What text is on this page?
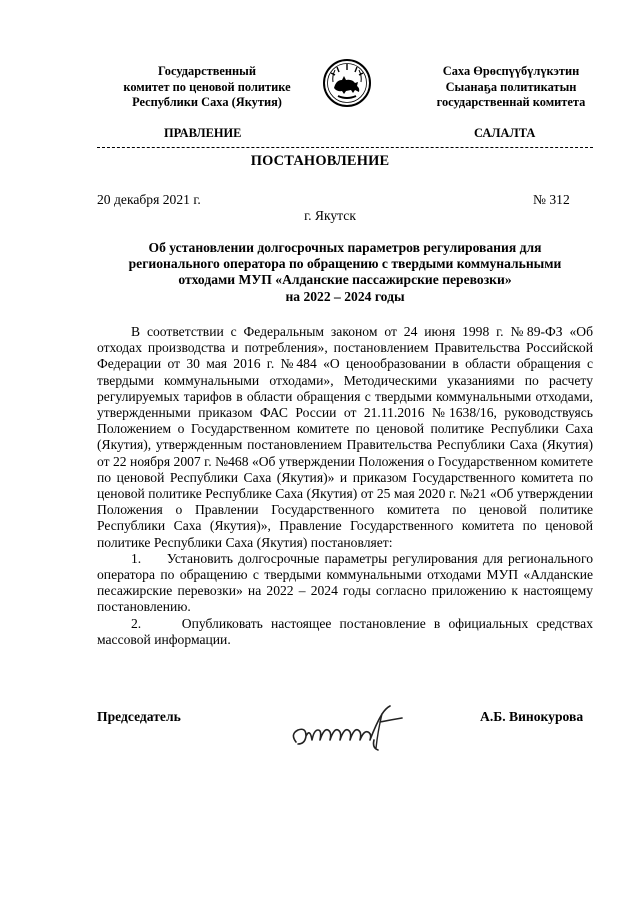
Государственный
комитет по ценовой политике
Республики Саха (Якутия)
Саха Өрөспүүбүлүкэтин
Сыанаҕа политикатын
государственнай комитета
ПРАВЛЕНИЕ	САЛАЛТА
ПОСТАНОВЛЕНИЕ
20 декабря 2021 г.	№ 312
г. Якутск
Об установлении долгосрочных параметров регулирования для
регионального оператора по обращению с твердыми коммунальными
отходами МУП «Алданские пассажирские перевозки»
на 2022 – 2024 годы

В соответствии с Федеральным законом от 24 июня 1998 г. №89-ФЗ «Об отходах производства и потребления», постановлением Правительства Российской Федерации от 30 мая 2016 г. №484 «О ценообразовании в области обращения с твердыми коммунальными отходами», Методическими указаниями по расчету регулируемых тарифов в области обращения с твердыми коммунальными отходами, утвержденными приказом ФАС России от 21.11.2016 №1638/16, руководствуясь Положением о Государственном комитете по ценовой политике Республики Саха (Якутия), утвержденным постановлением Правительства Республики Саха (Якутия) от 22 ноября 2007 г. №468 «Об утверждении Положения о Государственном комитете по ценовой Республики Саха (Якутия)» и приказом Государственного комитета по ценовой политике Республике Саха (Якутия) от 25 мая 2020 г. №21 «Об утверждении Положения о Правлении Государственного комитета по ценовой политике Республики Саха (Якутия)», Правление Государственного комитета по ценовой политике Республики Саха (Якутия) постановляет:

1.     Установить долгосрочные параметры регулирования для регионального оператора по обращению с твердыми коммунальными отходами МУП «Алданские песажирские перевозки» на 2022 – 2024 годы согласно приложению к настоящему постановлению.

2.     Опубликовать настоящее постановление в официальных средствах массовой информации.

Председатель	А.Б. Винокурова
